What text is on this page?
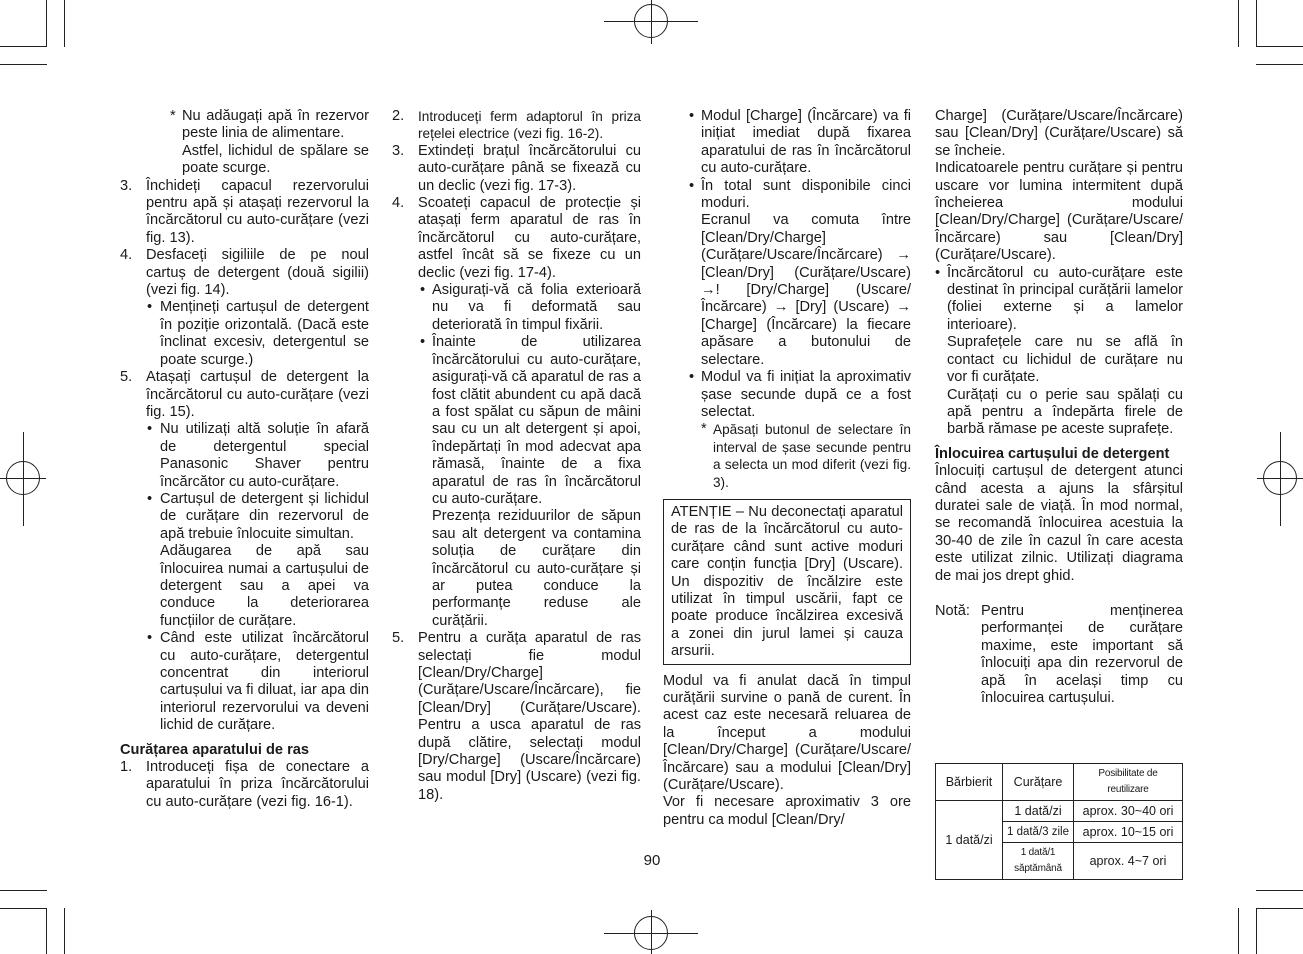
* Nu adăugați apă în rezervor peste linia de alimentare.

Astfel, lichidul de spălare se poate scurge.

3. Închideți capacul rezervorului pentru apă și atașați rezervorul la încărcătorul cu auto-curățare (vezi fig. 13).

4. Desfaceți sigiliile de pe noul cartuș de detergent (două sigilii) (vezi fig. 14).

• Mențineți cartușul de detergent în poziție orizontală. (Dacă este înclinat excesiv, detergentul se poate scurge.)

5. Atașați cartușul de detergent la încărcătorul cu auto-curățare (vezi fig. 15).

• Nu utilizați altă soluție în afară de detergentul special Panasonic Shaver pentru încărcător cu auto-curățare.

• Cartușul de detergent și lichidul de curățare din rezervorul de apă trebuie înlocuite simultan.

Adăugarea de apă sau înlocuirea numai a cartușului de detergent sau a apei va conduce la deteriorarea funcțiilor de curățare.

• Când este utilizat încărcătorul cu auto-curățare, detergentul concentrat din interiorul cartușului va fi diluat, iar apa din interiorul rezervorului va deveni lichid de curățare.

Curățarea aparatului de ras

1. Introduceți fișa de conectare a aparatului în priza încărcătorului cu auto-curățare (vezi fig. 16-1).

2. Introduceți ferm adaptorul în priza rețelei electrice (vezi fig. 16-2).

3. Extindeți brațul încărcătorului cu auto-curățare până se fixează cu un declic (vezi fig. 17-3).

4. Scoateți capacul de protecție și atașați ferm aparatul de ras în încărcătorul cu auto-curățare, astfel încât să se fixeze cu un declic (vezi fig. 17-4).

• Asigurați-vă că folia exterioară nu va fi deformată sau deteriorată în timpul fixării.

• Înainte de utilizarea încărcătorului cu auto-curățare, asigurați-vă că aparatul de ras a fost clătit abundent cu apă dacă a fost spălat cu săpun de mâini sau cu un alt detergent și apoi, îndepărtați în mod adecvat apa rămasă, înainte de a fixa aparatul de ras în încărcătorul cu auto-curățare.

Prezența reziduurilor de săpun sau alt detergent va contamina soluția de curățare din încărcătorul cu auto-curățare și ar putea conduce la performanțe reduse ale curățării.

5. Pentru a curăța aparatul de ras selectați fie modul [Clean/Dry/Charge] (Curățare/Uscare/Încărcare), fie [Clean/Dry] (Curățare/Uscare). Pentru a usca aparatul de ras după clătire, selectați modul [Dry/Charge] (Uscare/Încărcare) sau modul [Dry] (Uscare) (vezi fig. 18).

• Modul [Charge] (Încărcare) va fi inițiat imediat după fixarea aparatului de ras în încărcătorul cu auto-curățare.

• În total sunt disponibile cinci moduri.

Ecranul va comuta între [Clean/Dry/Charge] (Curățare/Uscare/Încărcare) → [Clean/Dry] (Curățare/Uscare) →! [Dry/Charge] (Uscare/Încărcare) → [Dry] (Uscare) → [Charge] (Încărcare) la fiecare apăsare a butonului de selectare.

• Modul va fi inițiat la aproximativ șase secunde după ce a fost selectat.

* Apăsați butonul de selectare în interval de șase secunde pentru a selecta un mod diferit (vezi fig. 3).

ATENȚIE – Nu deconectați aparatul de ras de la încărcătorul cu auto-curățare când sunt active moduri care conțin funcția [Dry] (Uscare). Un dispozitiv de încălzire este utilizat în timpul uscării, fapt ce poate produce încălzirea excesivă a zonei din jurul lamei și cauza arsurii.

Modul va fi anulat dacă în timpul curățării survine o pană de curent. În acest caz este necesară reluarea de la început a modului [Clean/Dry/Charge] (Curățare/Uscare/Încărcare) sau a modului [Clean/Dry] (Curățare/Uscare).

Vor fi necesare aproximativ 3 ore pentru ca modul [Clean/Dry/

Charge] (Curățare/Uscare/Încărcare) sau [Clean/Dry] (Curățare/Uscare) să se încheie.

Indicatoarele pentru curățare și pentru uscare vor lumina intermitent după încheierea modului [Clean/Dry/Charge] (Curățare/Uscare/Încărcare) sau [Clean/Dry] (Curățare/Uscare).

• Încărcătorul cu auto-curățare este destinat în principal curățării lamelor (foliei externe și a lamelor interioare).

Suprafețele care nu se află în contact cu lichidul de curățare nu vor fi curățate.

Curățați cu o perie sau spălați cu apă pentru a îndepărta firele de barbă rămase pe aceste suprafețe.

Înlocuirea cartușului de detergent

Înlocuiți cartușul de detergent atunci când acesta a ajuns la sfârșitul duratei sale de viață. În mod normal, se recomandă înlocuirea acestuia la 30-40 de zile în cazul în care acesta este utilizat zilnic. Utilizați diagrama de mai jos drept ghid.

Notă: Pentru menținerea performanței de curățare maxime, este important să înlocuiți apa din rezervorul de apă în același timp cu înlocuirea cartușului.

Bărbierit	Curățare	Posibilitate de reutilizare
1 dată/zi	1 dată/zi	aprox. 30~40 ori
	1 dată/3 zile	aprox. 10~15 ori
	1 dată/1 săptămână	aprox. 4~7 ori
90
